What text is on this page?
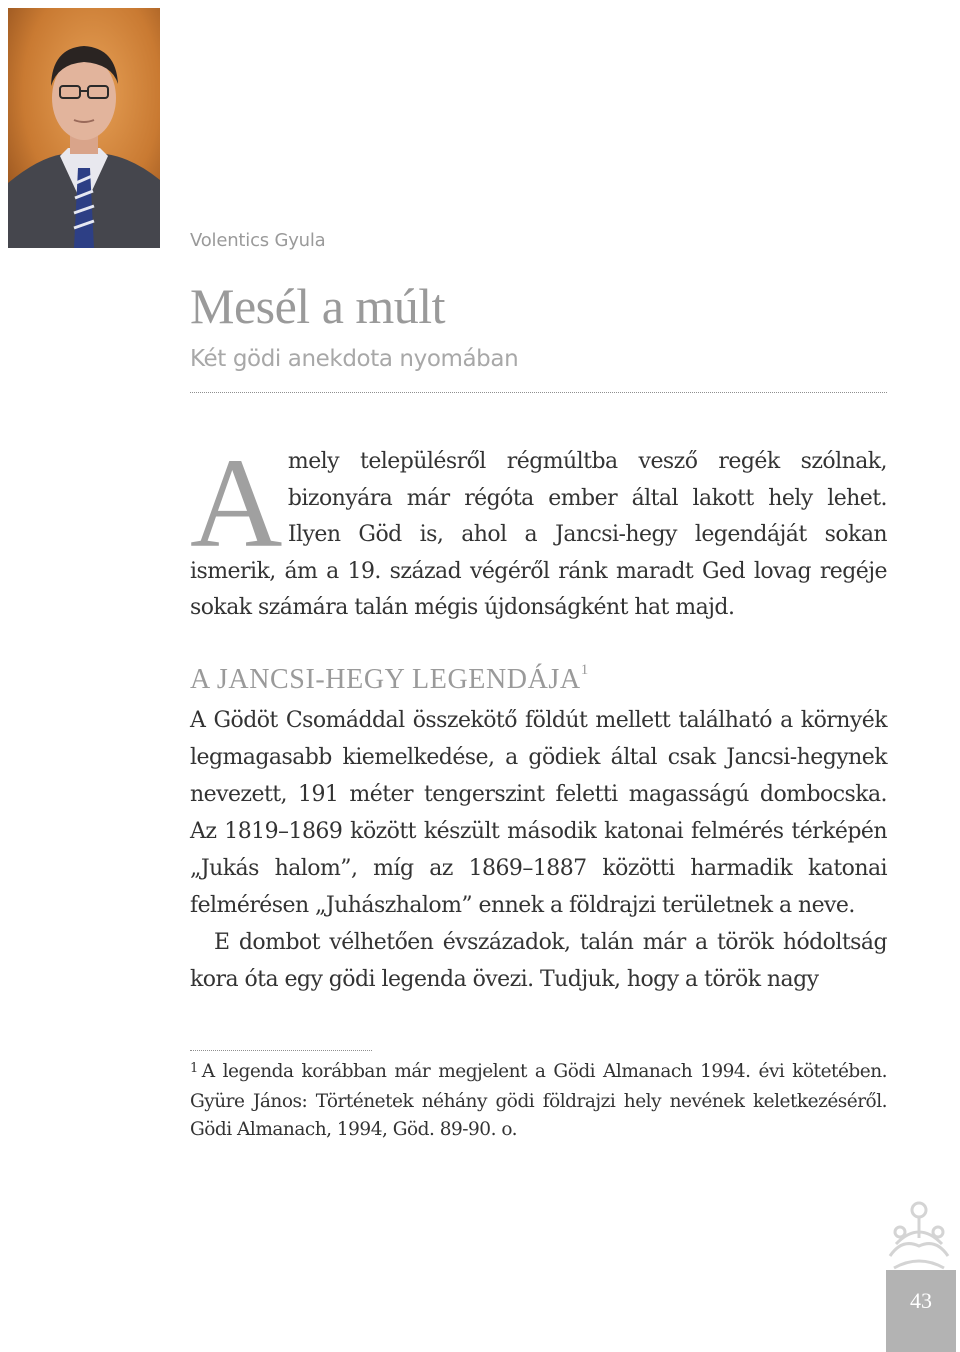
Volentics Gyula
Mesél a múlt
Két gödi anekdota nyomában
A mely településről régmúltba vesző regék szólnak, bizonyára már régóta ember által lakott hely lehet. Ilyen Göd is, ahol a Jancsi-hegy legendáját sokan ismerik, ám a 19. század végéről ránk maradt Ged lovag regéje sokak számára talán mégis újdonságként hat majd.
A JANCSI-HEGY LEGENDÁJA$^1$

A Gödöt Csomáddal összekötő földút mellett található a környék legmagasabb kiemelkedése, a gödiek által csak Jancsi-hegynek nevezett, 191 méter tengerszint feletti magasságú dombocska. Az 1819–1869 között készült második katonai felmérés térképén „Jukás halom”, míg az 1869–1887 közötti harmadik katonai felmérésen „Juhászhalom” ennek a földrajzi területnek a neve.

E dombot vélhetően évszázadok, talán már a török hódoltság kora óta egy gödi legenda övezi. Tudjuk, hogy a török nagy

$^1$ A legenda korábban már megjelent a Gödi Almanach 1994. évi kötetében. Gyüre János: Történetek néhány gödi földrajzi hely nevének keletkezéséről. Gödi Almanach, 1994, Göd. 89-90. o.
43
